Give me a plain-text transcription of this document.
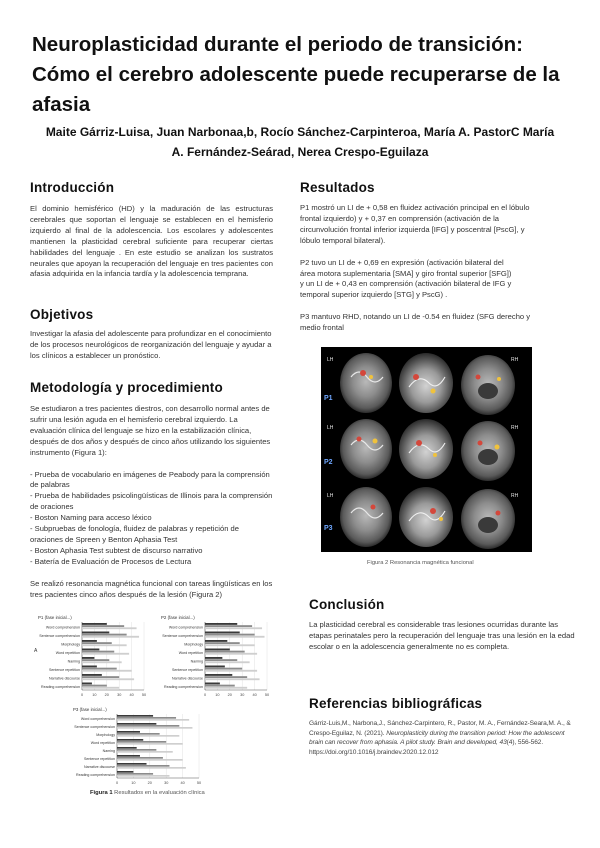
Neuroplasticidad durante el periodo de transición:
Cómo el cerebro adolescente puede recuperarse de la
afasia
Maite Gárriz-Luisa, Juan Narbonaa,b, Rocío Sánchez-Carpinteroa, María A. PastorC María
A. Fernández-Seárad, Nerea Crespo-Eguilaza
Introducción

El dominio hemisférico (HD) y la maduración de las estructuras cerebrales que soportan el lenguaje se establecen en el hemisferio izquierdo al final de la adolescencia. Los escolares y adolescentes mantienen la plasticidad cerebral suficiente para recuperar ciertas habilidades del lenguaje . En este estudio se analizan los sustratos neurales que apoyan la recuperación del lenguaje en tres pacientes con afasia adquirida en la infancia tardía y la adolescencia temprana.

Objetivos

Investigar la afasia del adolescente para profundizar en el conocimiento de los procesos neurológicos de reorganización del lenguaje y ayudar a los clínicos a establecer un pronóstico.

Metodología y procedimiento
Se estudiaron a tres pacientes diestros, con desarrollo normal antes de sufrir una lesión aguda en el hemisferio cerebral izquierdo. La evaluación clínica del lenguaje se hizo en la estabilización clínica, después de dos años y después de cinco años utilizando los siguientes instrumento (Figura 1):
- Prueba de vocabulario en imágenes de Peabody para la comprensión de palabras
- Prueba de habilidades psicolingüísticas de Illinois para la comprensión de oraciones
- Boston Naming para acceso léxico
- Subpruebas de fonología, fluidez de palabras y repetición de oraciones de Spreen y Benton Aphasia Test
- Boston Aphasia Test subtest de discurso narrativo
- Batería de Evaluación de Procesos de Lectura
Se realizó resonancia magnética funcional con tareas lingüísticas en los tres pacientes cinco años después de la lesión (Figura 2)
P1 (fase inicial...)
0 10 20 30 40 50
Word comprehension
Sentence comprehension
Morphology
Word repetition
Naming
Sentence repetition
Narrative discourse
Reading comprehension
A
P2 (fase inicial...)
0 10 20 30 40 50
Word comprehension
Sentence comprehension
Morphology
Word repetition
Naming
Sentence repetition
Narrative discourse
Reading comprehension
P3 (fase inicial...)
0	10	20	30	40	50
Word comprehension
Sentence comprehension
Morphology
Word repetition
Naming
Sentence repetition
Narrative discourse
Reading comprehension

Figura 1 Resultados en la evaluación clínica

Resultados
P1 mostró un LI de + 0,58 en fluidez activación principal en el lóbulo
frontal izquierdo) y + 0,37 en comprensión (activación de la
circunvolución frontal inferior izquierda [IFG] y poscentral [PscG], y
lóbulo temporal bilateral).
P2 tuvo un LI de + 0,69 en expresión (activación bilateral del
área motora suplementaria [SMA] y giro frontal superior [SFG])
y un LI de + 0,43 en comprensión (activación bilateral de IFG y
temporal superior izquierdo [STG] y PscG) .
P3 mantuvo RHD, notando un LI de -0.54 en fluidez (SFG derecho y
medio frontal
LH	RH
LH	RH
LH	RH
P1
P2
P3

Figura 2 Resonancia magnética funcional

Conclusión

La plasticidad cerebral es considerable tras lesiones ocurridas durante las etapas perinatales pero la recuperación del lenguaje tras una lesión en la edad escolar o en la adolescencia generalmente no es completa.

Referencias bibliográficas

Gárriz-Luis,M., Narbona,J., Sánchez-Carpintero, R., Pastor, M. A., Fernández-Seara,M. A., & Crespo-Eguilaz, N. (2021). Neuroplasticity during the transition period: How the adolescent brain can recover from aphasia. A pilot study. Brain and developed, 43(4), 556-562. https://doi.org/10.1016/j.braindev.2020.12.012
